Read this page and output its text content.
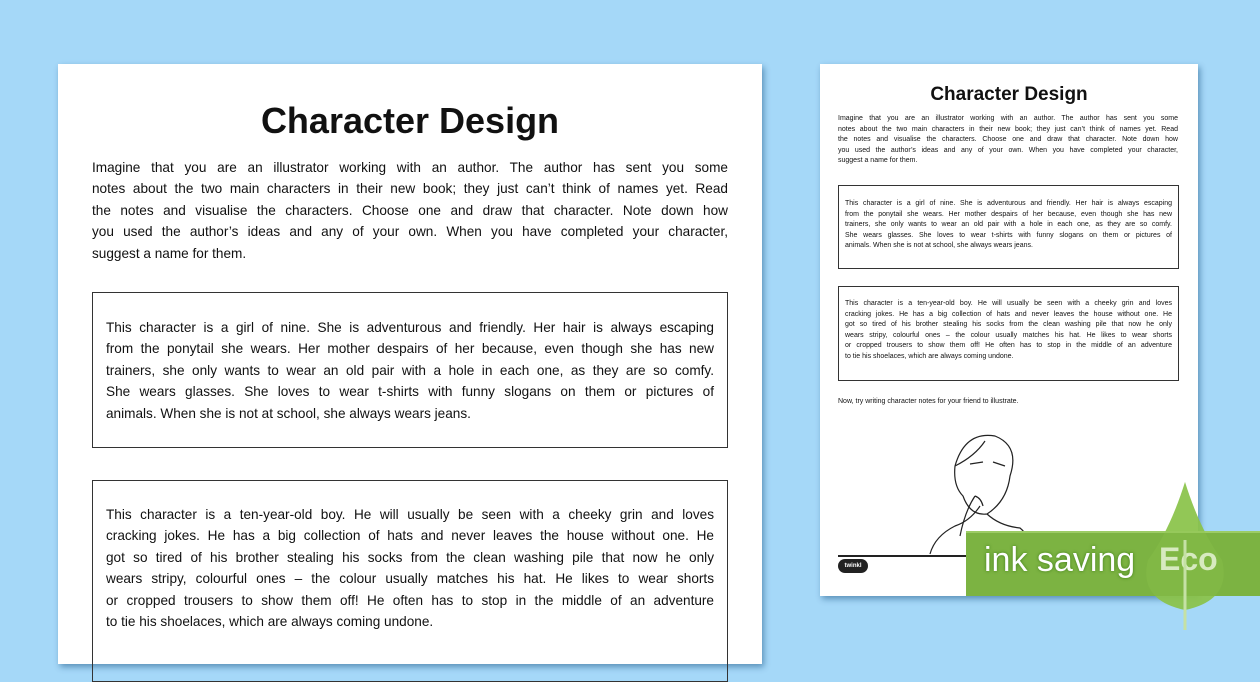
Character Design
Imagine that you are an illustrator working with an author. The author has sent you some
notes about the two main characters in their new book; they just can’t think of names yet. Read
the notes and visualise the characters. Choose one and draw that character. Note down how
you used the author’s ideas and any of your own. When you have completed your character,
suggest a name for them.
This character is a girl of nine. She is adventurous and friendly. Her hair is always escaping
from the ponytail she wears. Her mother despairs of her because, even though she has new
trainers, she only wants to wear an old pair with a hole in each one, as they are so comfy.
She wears glasses. She loves to wear t-shirts with funny slogans on them or pictures of
animals. When she is not at school, she always wears jeans.
This character is a ten-year-old boy. He will usually be seen with a cheeky grin and loves
cracking jokes. He has a big collection of hats and never leaves the house without one. He
got so tired of his brother stealing his socks from the clean washing pile that now he only
wears stripy, colourful ones – the colour usually matches his hat. He likes to wear shorts
or cropped trousers to show them off! He often has to stop in the middle of an adventure
to tie his shoelaces, which are always coming undone.
Character Design
Imagine that you are an illustrator working with an author. The author has sent you some
notes about the two main characters in their new book; they just can’t think of names yet. Read
the notes and visualise the characters. Choose one and draw that character. Note down how
you used the author’s ideas and any of your own. When you have completed your character,
suggest a name for them.
This character is a girl of nine. She is adventurous and friendly. Her hair is always escaping
from the ponytail she wears. Her mother despairs of her because, even though she has new
trainers, she only wants to wear an old pair with a hole in each one, as they are so comfy.
She wears glasses. She loves to wear t-shirts with funny slogans on them or pictures of
animals. When she is not at school, she always wears jeans.
This character is a ten-year-old boy. He will usually be seen with a cheeky grin and loves
cracking jokes. He has a big collection of hats and never leaves the house without one. He
got so tired of his brother stealing his socks from the clean washing pile that now he only
wears stripy, colourful ones – the colour usually matches his hat. He likes to wear shorts
or cropped trousers to show them off! He often has to stop in the middle of an adventure
to tie his shoelaces, which are always coming undone.
Now, try writing character notes for your friend to illustrate.
twinkl	ink saving Eco
